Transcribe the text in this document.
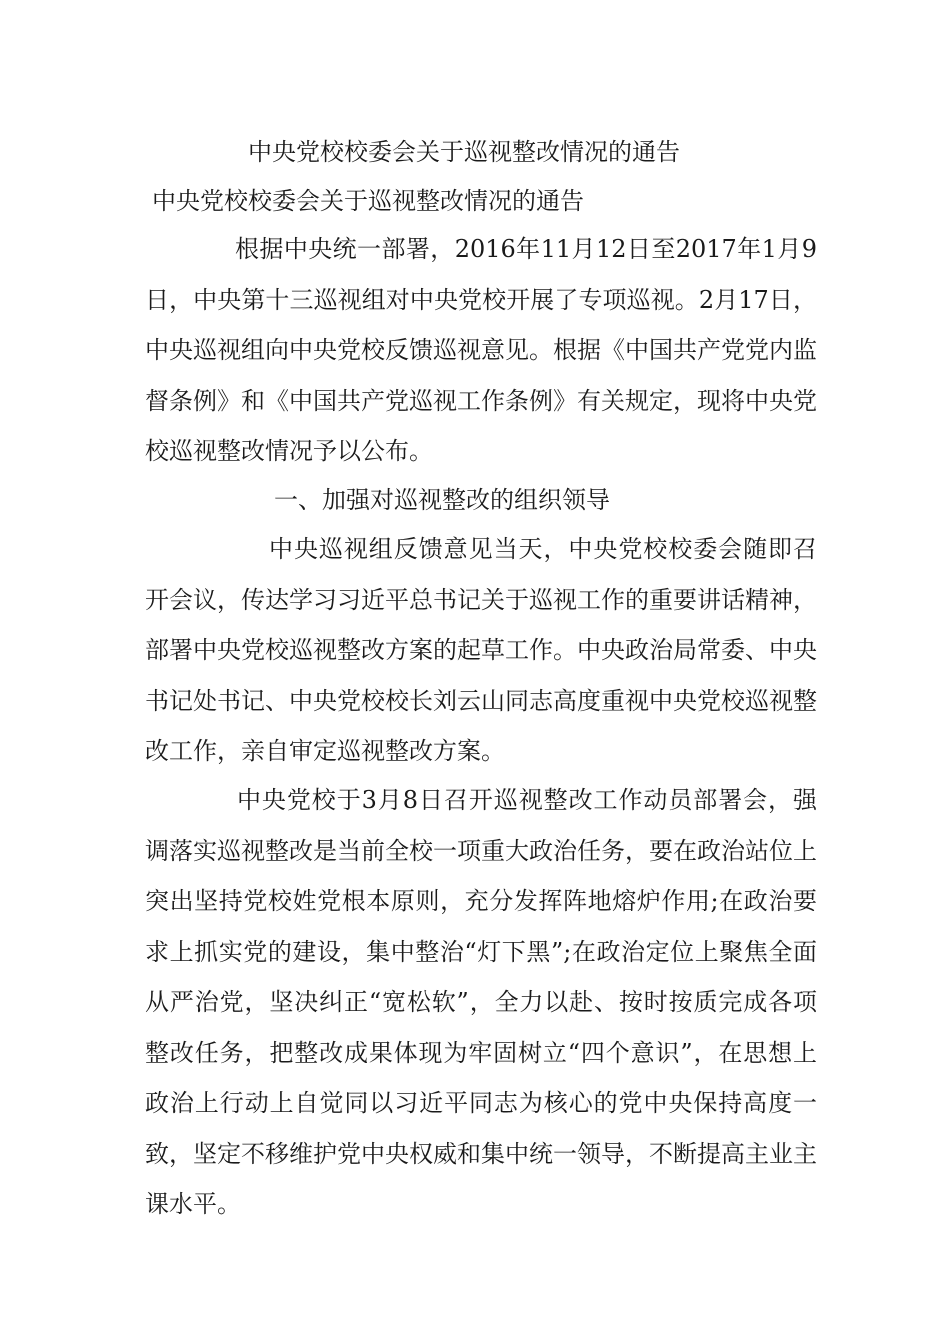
中央党校校委会关于巡视整改情况的通告
中央党校校委会关于巡视整改情况的通告
根据中央统一部署，2016年11月12日至2017年1月9日，中央第十三巡视组对中央党校开展了专项巡视。2月17日，中央巡视组向中央党校反馈巡视意见。根据《中国共产党党内监督条例》和《中国共产党巡视工作条例》有关规定，现将中央党校巡视整改情况予以公布。
一、加强对巡视整改的组织领导
中央巡视组反馈意见当天，中央党校校委会随即召开会议，传达学习习近平总书记关于巡视工作的重要讲话精神，部署中央党校巡视整改方案的起草工作。中央政治局常委、中央书记处书记、中央党校校长刘云山同志高度重视中央党校巡视整改工作，亲自审定巡视整改方案。
中央党校于3月8日召开巡视整改工作动员部署会，强调落实巡视整改是当前全校一项重大政治任务，要在政治站位上突出坚持党校姓党根本原则，充分发挥阵地熔炉作用;在政治要求上抓实党的建设，集中整治“灯下黑”;在政治定位上聚焦全面从严治党，坚决纠正“宽松软”，全力以赴、按时按质完成各项整改任务，把整改成果体现为牢固树立“四个意识”，在思想上政治上行动上自觉同以习近平同志为核心的党中央保持高度一致，坚定不移维护党中央权威和集中统一领导，不断提高主业主课水平。
